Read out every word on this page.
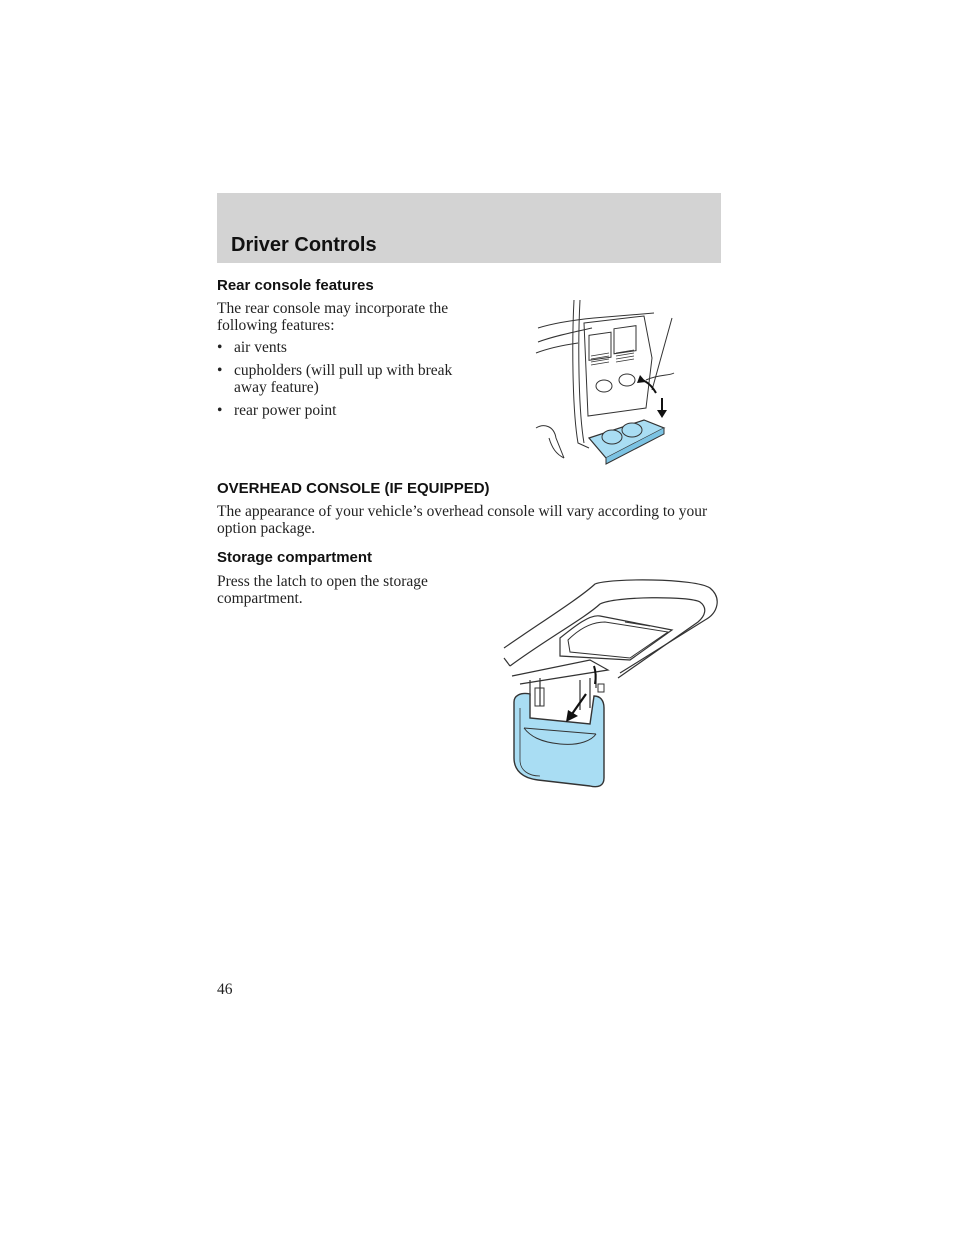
Driver Controls
Rear console features

The rear console may incorporate the following features:

• air vents
• cupholders (will pull up with break away feature)
• rear power point
OVERHEAD CONSOLE (IF EQUIPPED)

The appearance of your vehicle’s overhead console will vary according to your option package.

Storage compartment

Press the latch to open the storage compartment.

46
